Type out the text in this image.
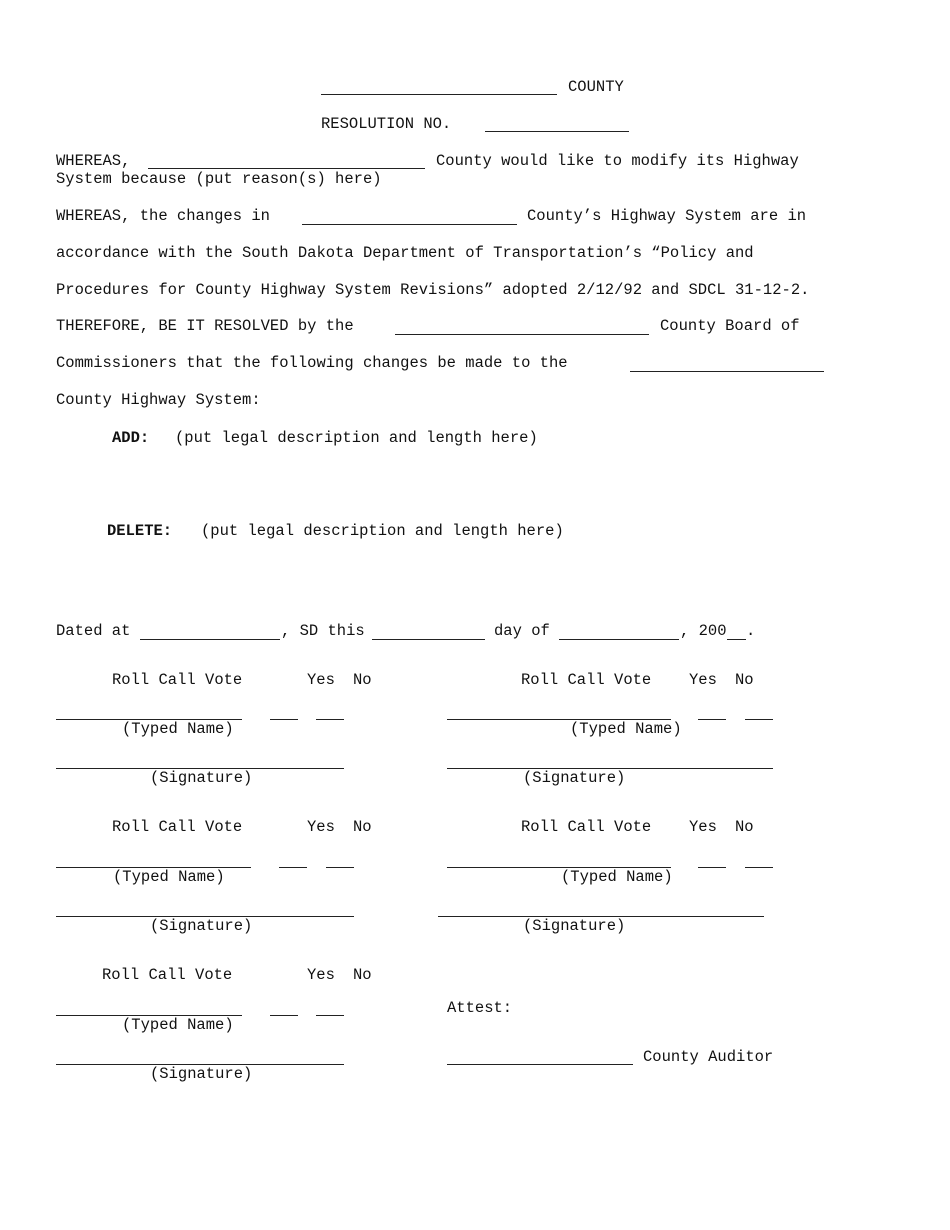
COUNTY
RESOLUTION NO.
WHEREAS,	County would like to modify its Highway
System because (put reason(s) here)
WHEREAS, the changes in	County’s Highway System are in
accordance with the South Dakota Department of Transportation’s “Policy and
Procedures for County Highway System Revisions” adopted 2/12/92 and SDCL 31-12-2.
THEREFORE, BE IT RESOLVED by the	County Board of
Commissioners that the following changes be made to the
County Highway System:
ADD: (put legal description and length here)
DELETE: (put legal description and length here)
Dated at	, SD this	day of	, 200 .
Roll Call Vote	Yes No
(Typed Name)
(Signature)
Roll Call Vote Yes No
(Typed Name)
(Signature)
Roll Call Vote	Yes No
(Typed Name)
(Signature)
Roll Call Vote Yes No
(Typed Name)
(Signature)
Roll Call Vote	Yes No
(Typed Name)
(Signature)
Attest:
County Auditor
